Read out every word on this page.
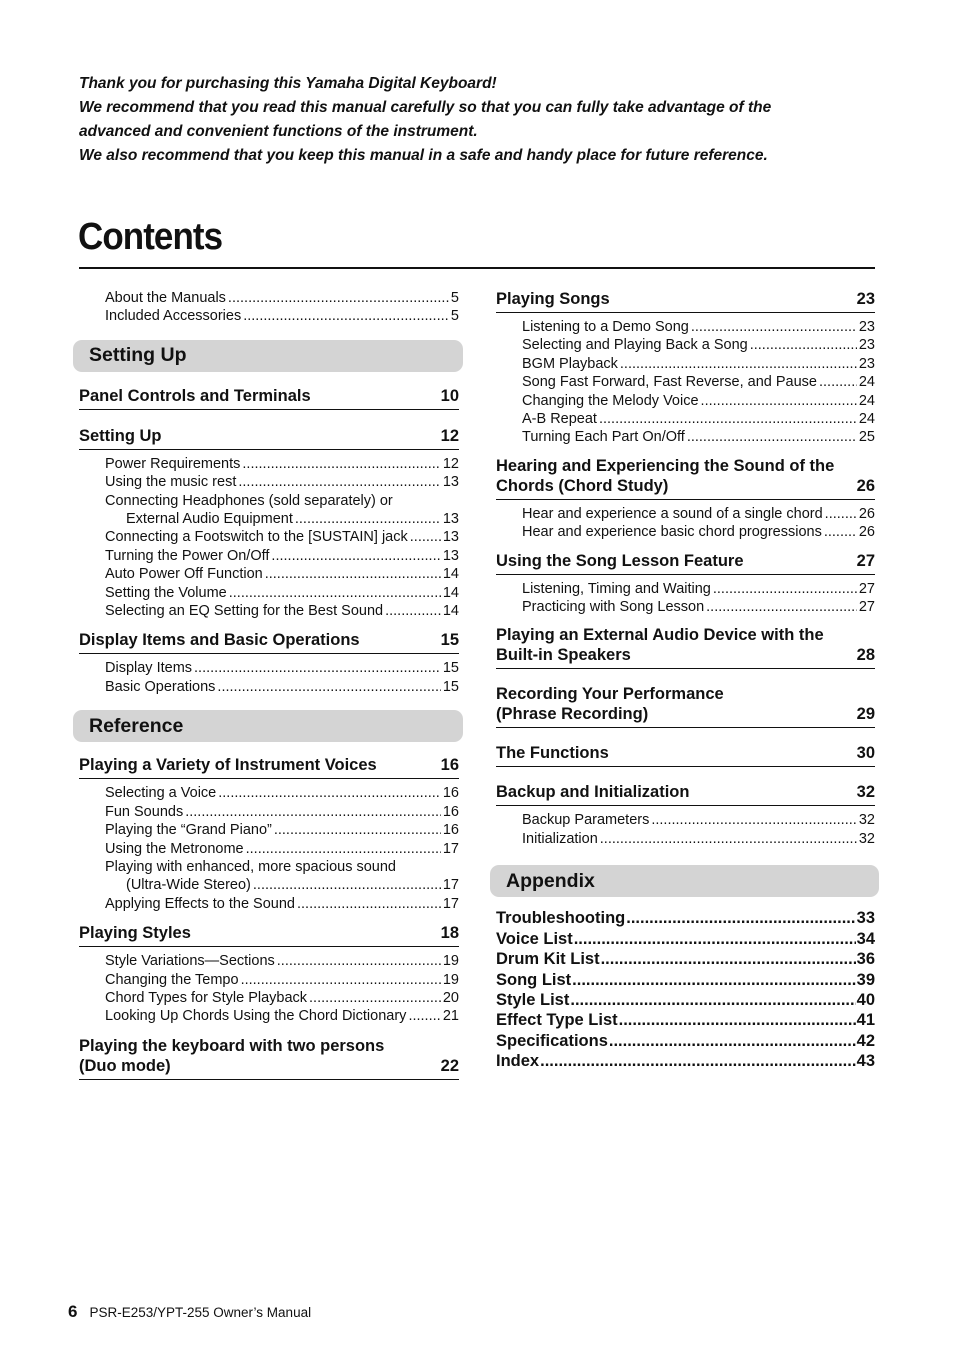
Thank you for purchasing this Yamaha Digital Keyboard!

We recommend that you read this manual carefully so that you can fully take advantage of the

advanced and convenient functions of the instrument.

We also recommend that you keep this manual in a safe and handy place for future reference.

Contents
About the Manuals .....	5
Included Accessories .....	5
Setting Up
Panel Controls and Terminals	10
Setting Up	12
Power Requirements .....	12
Using the music rest .....	13
Connecting Headphones (sold separately) or
External Audio Equipment .....	13
Connecting a Footswitch to the [SUSTAIN] jack ..... 13
Turning the Power On/Off .....	13
Auto Power Off Function .....	14
Setting the Volume .....	14
Selecting an EQ Setting for the Best Sound .....	14
Display Items and Basic Operations	15
Display Items .....	15
Basic Operations .....	15
Reference
Playing a Variety of Instrument Voices	16
Selecting a Voice .....	16
Fun Sounds .....	16
Playing the “Grand Piano” .....	16
Using the Metronome .....	17
Playing with enhanced, more spacious sound
(Ultra-Wide Stereo) .....	17
Applying Effects to the Sound .....	17
Playing Styles	18
Style Variations—Sections .....	19
Changing the Tempo .....	19
Chord Types for Style Playback .....	20
Looking Up Chords Using the Chord Dictionary .....	21
Playing the keyboard with two persons
(Duo mode)	22
Playing Songs	23
Listening to a Demo Song .....	23
Selecting and Playing Back a Song .....	23
BGM Playback .....	23
Song Fast Forward, Fast Reverse, and Pause .....	24
Changing the Melody Voice .....	24
A-B Repeat .....	24
Turning Each Part On/Off .....	25
Hearing and Experiencing the Sound of the
Chords (Chord Study)	26
Hear and experience a sound of a single chord ..... 26
Hear and experience basic chord progressions .....	26
Using the Song Lesson Feature	27
Listening, Timing and Waiting .....	27
Practicing with Song Lesson .....	27
Playing an External Audio Device with the
Built-in Speakers	28
Recording Your Performance
(Phrase Recording)	29
The Functions	30
Backup and Initialization	32
Backup Parameters .....	32
Initialization .....	32
Appendix
Troubleshooting .....	33
Voice List .....	34
Drum Kit List .....	36
Song List .....	39
Style List .....	40
Effect Type List .....	41
Specifications .....	42
Index .....	43
6 PSR-E253/YPT-255 Owner’s Manual
